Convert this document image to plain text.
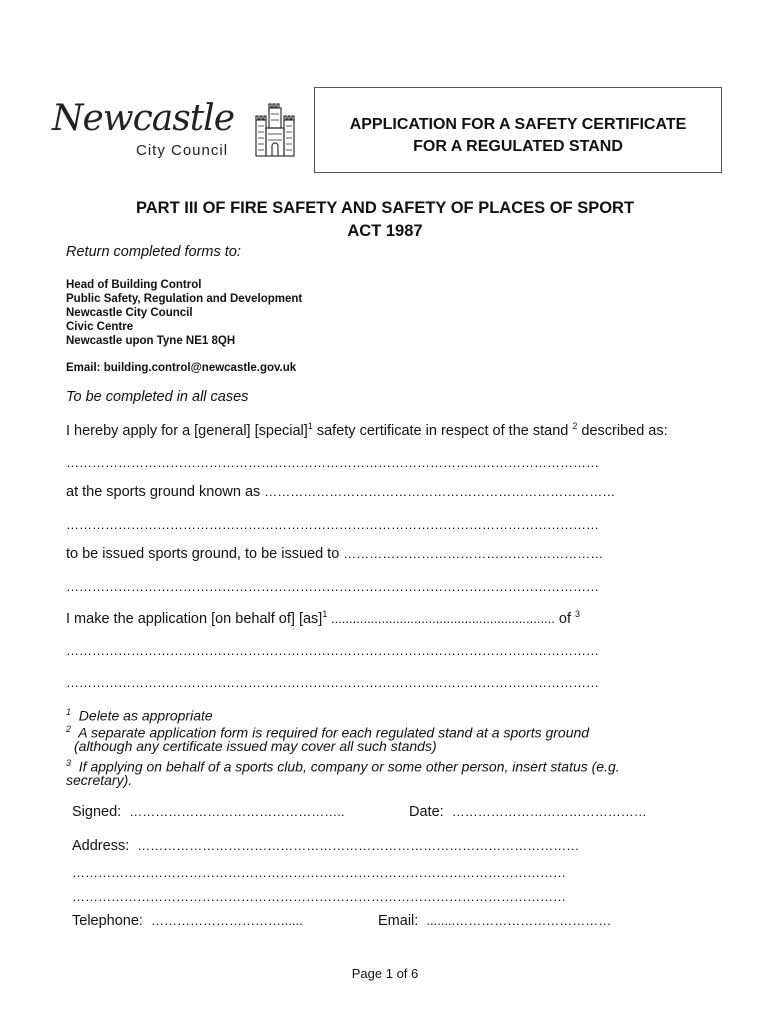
Newcastle
City Council
APPLICATION FOR A SAFETY CERTIFICATE
FOR A REGULATED STAND
PART III OF FIRE SAFETY AND SAFETY OF PLACES OF SPORT
ACT 1987
Return completed forms to:
Head of Building Control
Public Safety, Regulation and Development
Newcastle City Council
Civic Centre
Newcastle upon Tyne NE1 8QH
Email: building.control@newcastle.gov.uk
To be completed in all cases
I hereby apply for a [general] [special]$^1$ safety certificate in respect of the stand $^2$ described as:
……………………………………………………………………………………………………………
at the sports ground known as ………………………………………………………………………
……………………………………………………………………………………………………………
to be issued sports ground, to be issued to ……………………………………………………
……………………………………………………………………………………………………………
I make the application [on behalf of] [as]$^1$ .............................................................. of $^3$
……………………………………………………………………………………………………………
……………………………………………………………………………………………………………
$^1$ Delete as appropriate
$^2$ A separate application form is required for each regulated stand at a sports ground
(although any certificate issued may cover all such stands)
$^3$ If applying on behalf of a sports club, company or some other person, insert status (e.g.
secretary).
Signed: …………………………………………..	Date: ………………………………………
Address: …………………………………………………………………………………………
……………………………………………………………………………………………………
……………………………………………………………………………………………………
Telephone: …………………………......	Email: ........………………………………
Page 1 of 6
